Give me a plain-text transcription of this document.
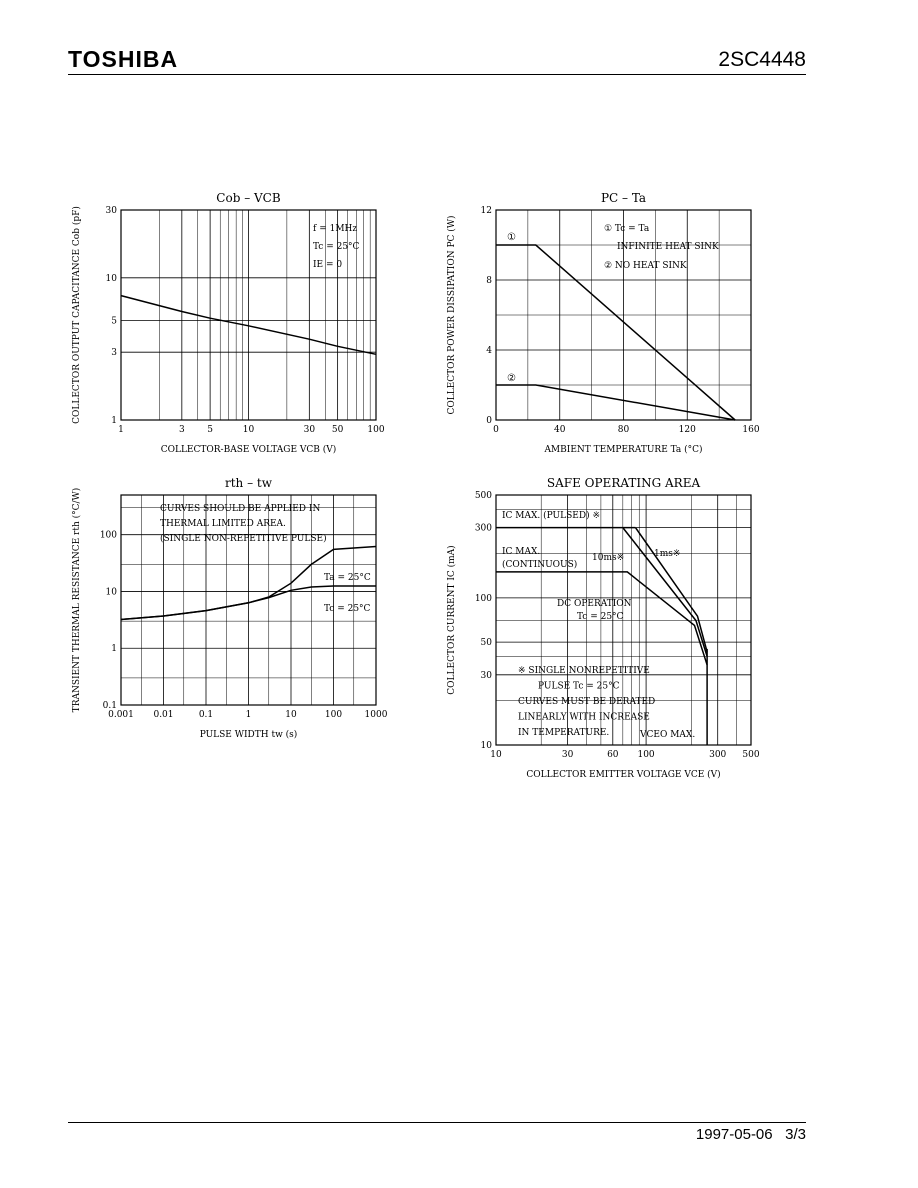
TOSHIBA	2SC4448
1997-05-06 3/3
1	3	5	10	30 50	100
1
3
5
10
30
Cob – VCB
COLLECTOR-BASE VOLTAGE VCB (V)
COLLECTOR OUTPUT CAPACITANCE Cob (pF)	f = 1MHz
Tc = 25°C
IE = 0
0	40	80	120	160
0
4
8
12
PC – Ta
AMBIENT TEMPERATURE Ta (°C)
COLLECTOR POWER DISSIPATION PC (W)	① Tc = Ta
INFINITE HEAT SINK
② NO HEAT SINK
①
②
0.001 0.01	0.1	1	10	100 1000
0.1
1
10
100
rth – tw
PULSE WIDTH tw (s)
TRANSIENT THERMAL RESISTANCE rth (°C/W)	CURVES SHOULD BE APPLIED IN
THERMAL LIMITED AREA.
(SINGLE NON-REPETITIVE PULSE)
Ta = 25°C
Tc = 25°C
10	30	60 100	300 500
10
30
50
100
300
500
SAFE OPERATING AREA
COLLECTOR EMITTER VOLTAGE VCE (V)
COLLECTOR CURRENT IC (mA)
IC MAX. (PULSED) ※
IC MAX.
(CONTINUOUS)
10ms※	1ms※
DC OPERATION
Tc = 25°C
VCEO MAX.
※ SINGLE NONREPETITIVE
PULSE Tc = 25°C
CURVES MUST BE DERATED
LINEARLY WITH INCREASE
IN TEMPERATURE.
